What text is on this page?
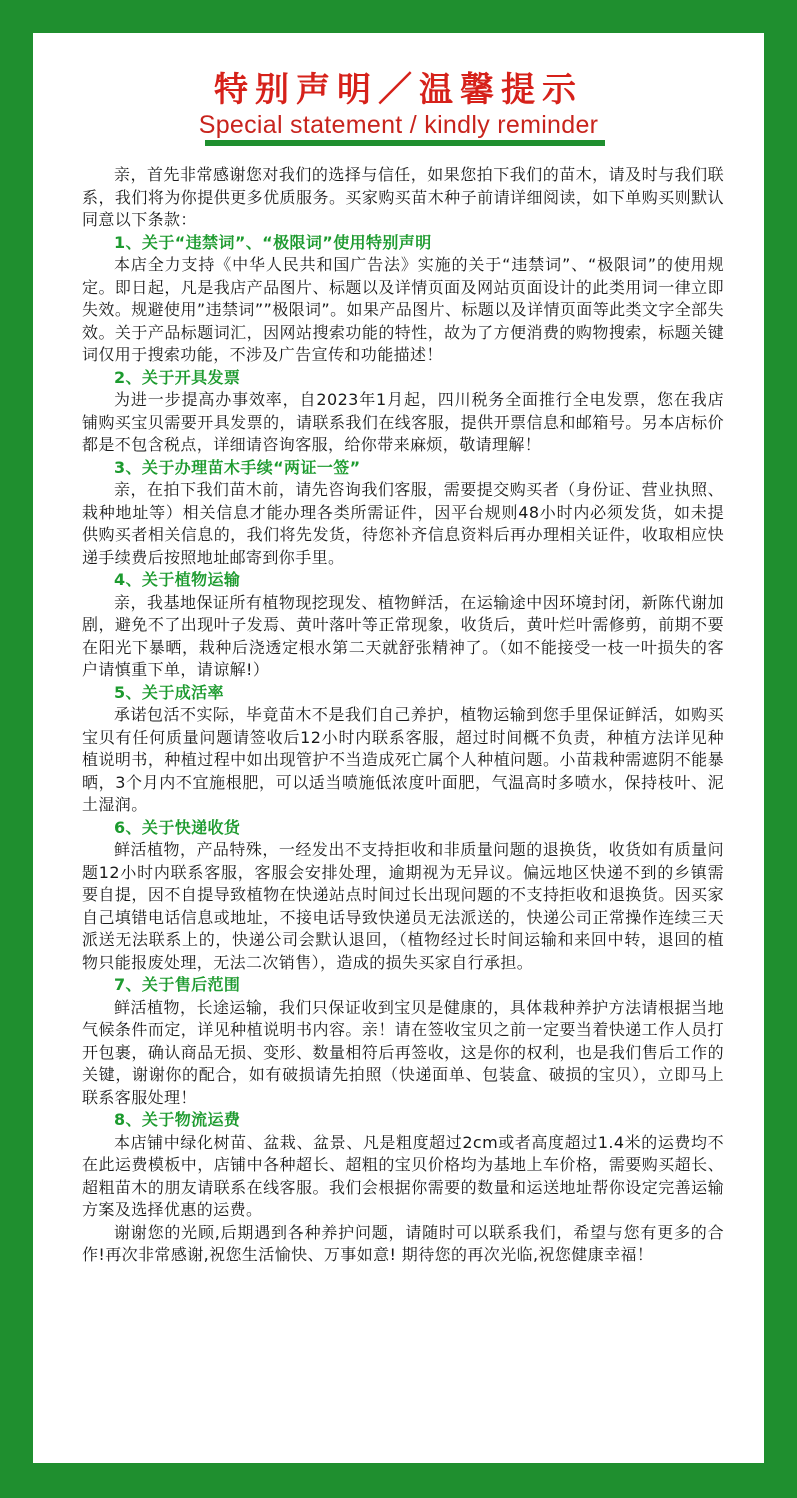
特别声明／温馨提示
Special statement / kindly reminder

亲，首先非常感谢您对我们的选择与信任，如果您拍下我们的苗木，请及时与我们联系，我们将为你提供更多优质服务。买家购买苗木种子前请详细阅读，如下单购买则默认同意以下条款：

1、关于“违禁词”、“极限词”使用特别声明

本店全力支持《中华人民共和国广告法》实施的关于“违禁词”、“极限词”的使用规定。即日起，凡是我店产品图片、标题以及详情页面及网站页面设计的此类用词一律立即失效。规避使用”违禁词””极限词”。如果产品图片、标题以及详情页面等此类文字全部失效。关于产品标题词汇，因网站搜索功能的特性，故为了方便消费的购物搜索，标题关键词仅用于搜索功能，不涉及广告宣传和功能描述！

2、关于开具发票

为进一步提高办事效率，自2023年1月起，四川税务全面推行全电发票，您在我店铺购买宝贝需要开具发票的，请联系我们在线客服，提供开票信息和邮箱号。另本店标价都是不包含税点，详细请咨询客服，给你带来麻烦，敬请理解！

3、关于办理苗木手续“两证一签”

亲，在拍下我们苗木前，请先咨询我们客服，需要提交购买者（身份证、营业执照、栽种地址等）相关信息才能办理各类所需证件，因平台规则48小时内必须发货，如未提供购买者相关信息的，我们将先发货，待您补齐信息资料后再办理相关证件，收取相应快递手续费后按照地址邮寄到你手里。

4、关于植物运输

亲，我基地保证所有植物现挖现发、植物鲜活，在运输途中因环境封闭，新陈代谢加剧，避免不了出现叶子发焉、黄叶落叶等正常现象，收货后，黄叶烂叶需修剪，前期不要在阳光下暴晒，栽种后浇透定根水第二天就舒张精神了。（如不能接受一枝一叶损失的客户请慎重下单，请谅解!）

5、关于成活率

承诺包活不实际，毕竟苗木不是我们自己养护，植物运输到您手里保证鲜活，如购买宝贝有任何质量问题请签收后12小时内联系客服，超过时间概不负责，种植方法详见种植说明书，种植过程中如出现管护不当造成死亡属个人种植问题。小苗栽种需遮阴不能暴晒，3个月内不宜施根肥，可以适当喷施低浓度叶面肥，气温高时多喷水，保持枝叶、泥土湿润。

6、关于快递收货

鲜活植物，产品特殊，一经发出不支持拒收和非质量问题的退换货，收货如有质量问题12小时内联系客服，客服会安排处理，逾期视为无异议。偏远地区快递不到的乡镇需要自提，因不自提导致植物在快递站点时间过长出现问题的不支持拒收和退换货。因买家自己填错电话信息或地址，不接电话导致快递员无法派送的，快递公司正常操作连续三天派送无法联系上的，快递公司会默认退回，（植物经过长时间运输和来回中转，退回的植物只能报废处理，无法二次销售），造成的损失买家自行承担。

7、关于售后范围

鲜活植物，长途运输，我们只保证收到宝贝是健康的，具体栽种养护方法请根据当地气候条件而定，详见种植说明书内容。亲！请在签收宝贝之前一定要当着快递工作人员打开包裹，确认商品无损、变形、数量相符后再签收，这是你的权利，也是我们售后工作的关键，谢谢你的配合，如有破损请先拍照（快递面单、包装盒、破损的宝贝），立即马上联系客服处理！

8、关于物流运费

本店铺中绿化树苗、盆栽、盆景、凡是粗度超过2cm或者高度超过1.4米的运费均不在此运费模板中，店铺中各种超长、超粗的宝贝价格均为基地上车价格，需要购买超长、超粗苗木的朋友请联系在线客服。我们会根据你需要的数量和运送地址帮你设定完善运输方案及选择优惠的运费。

谢谢您的光顾,后期遇到各种养护问题，请随时可以联系我们，希望与您有更多的合作!再次非常感谢,祝您生活愉快、万事如意! 期待您的再次光临,祝您健康幸福！
